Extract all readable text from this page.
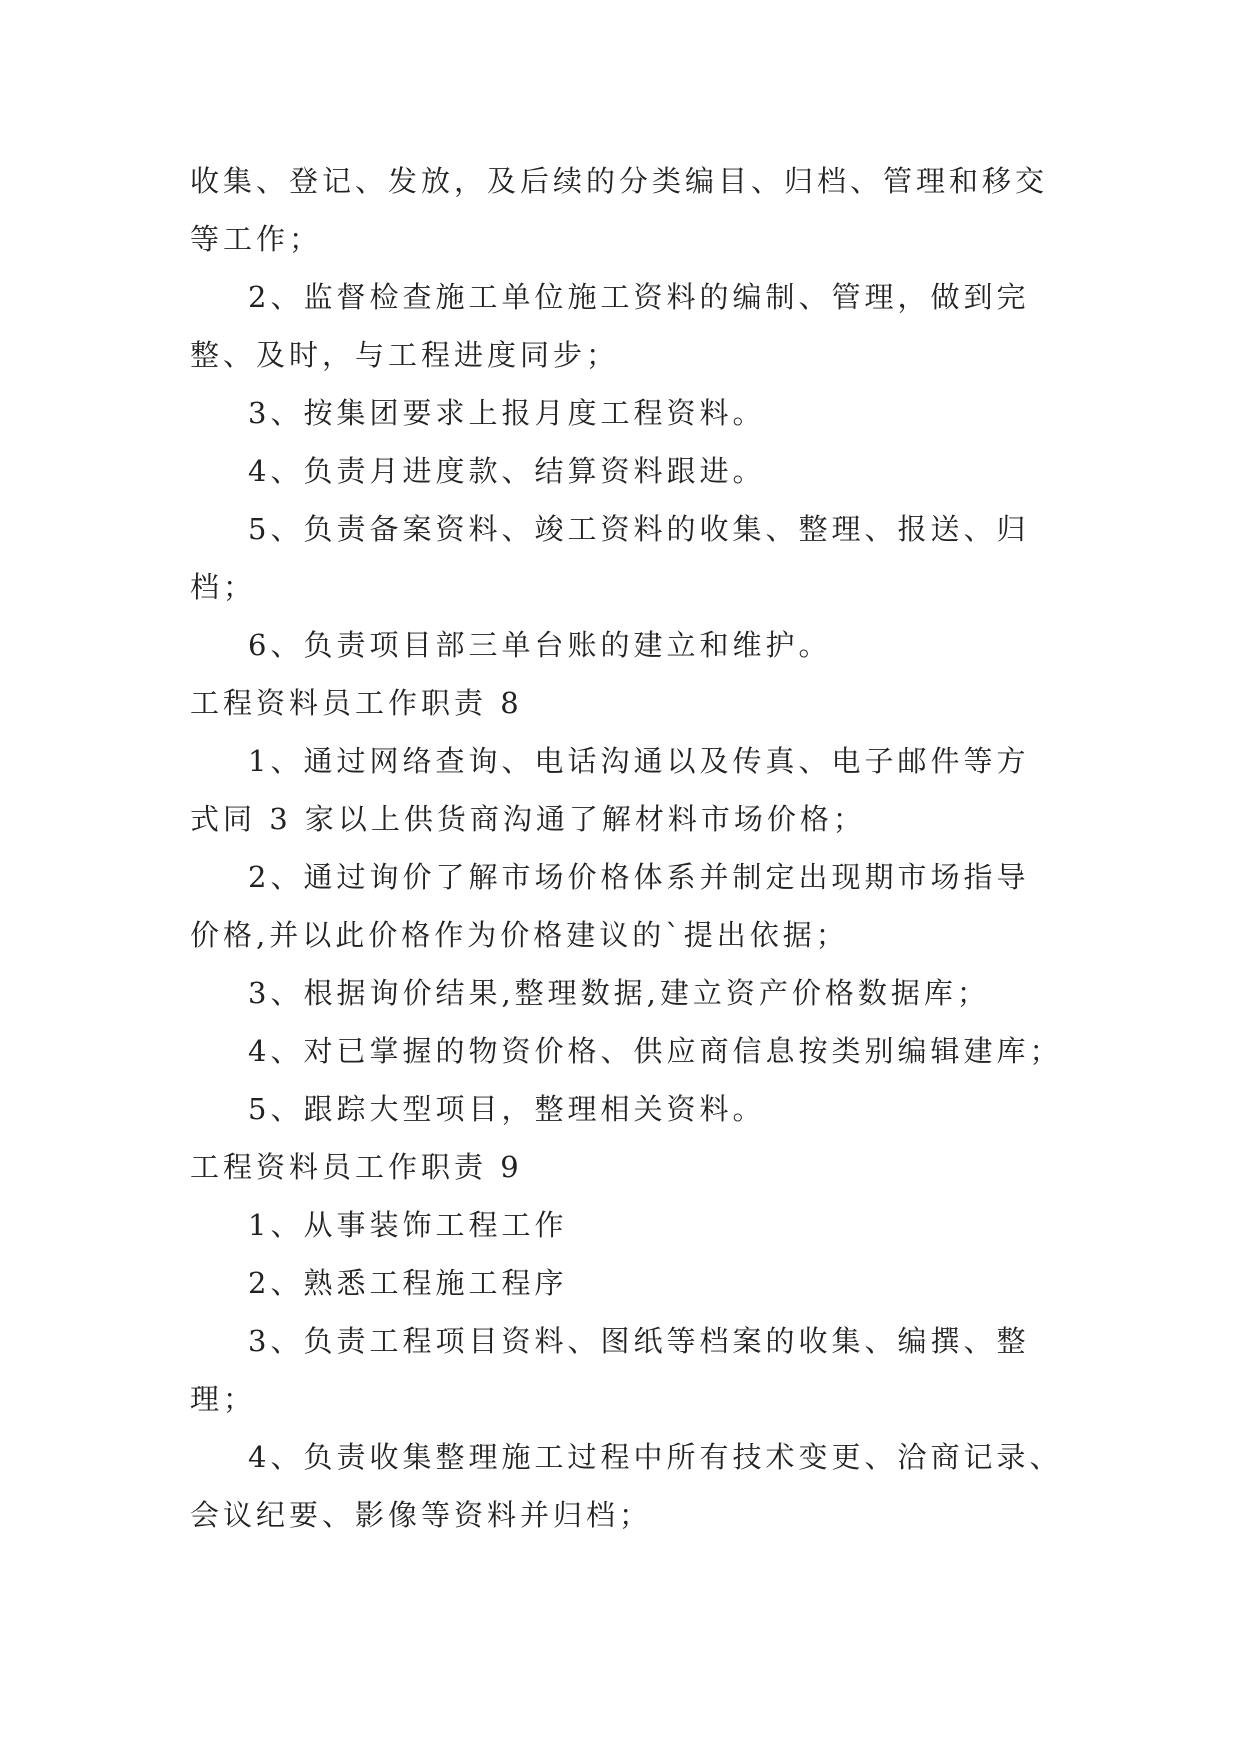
收集、登记、发放，及后续的分类编目、归档、管理和移交
等工作；
2、监督检查施工单位施工资料的编制、管理，做到完
整、及时，与工程进度同步；
3、按集团要求上报月度工程资料。
4、负责月进度款、结算资料跟进。
5、负责备案资料、竣工资料的收集、整理、报送、归
档；
6、负责项目部三单台账的建立和维护。
工程资料员工作职责 8
1、通过网络查询、电话沟通以及传真、电子邮件等方
式同 3 家以上供货商沟通了解材料市场价格；
2、通过询价了解市场价格体系并制定出现期市场指导
价格,并以此价格作为价格建议的`提出依据；
3、根据询价结果,整理数据,建立资产价格数据库；
4、对已掌握的物资价格、供应商信息按类别编辑建库；
5、跟踪大型项目，整理相关资料。
工程资料员工作职责 9
1、从事装饰工程工作
2、熟悉工程施工程序
3、负责工程项目资料、图纸等档案的收集、编撰、整
理；
4、负责收集整理施工过程中所有技术变更、洽商记录、
会议纪要、影像等资料并归档；
